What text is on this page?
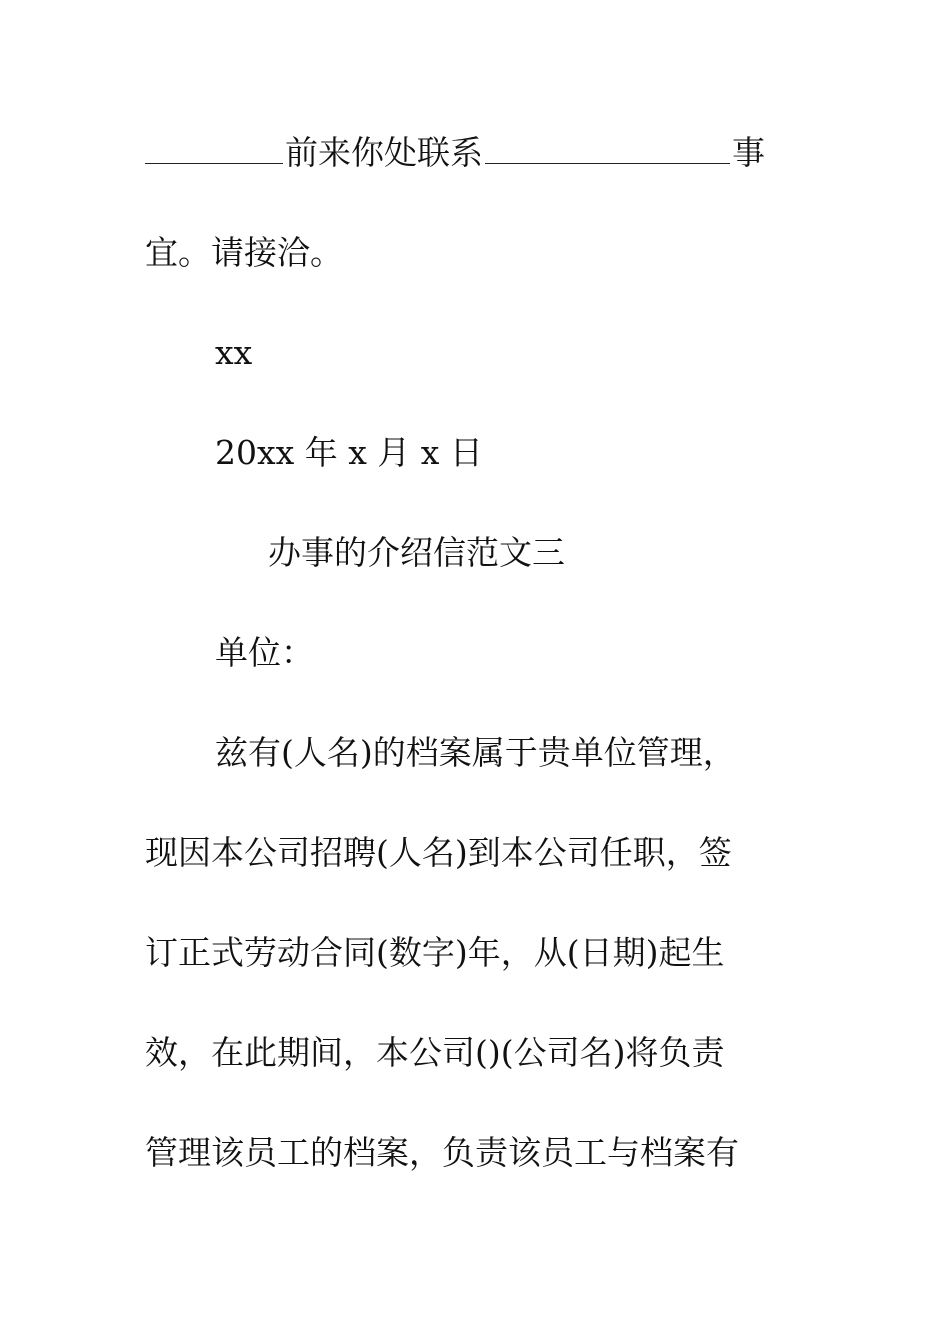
前来你处联系	事
宜。请接洽。
xx
20xx 年 x 月 x 日
办事的介绍信范文三
单位：
兹有(人名)的档案属于贵单位管理，
现因本公司招聘(人名)到本公司任职，签
订正式劳动合同(数字)年，从(日期)起生
效，在此期间，本公司()(公司名)将负责
管理该员工的档案，负责该员工与档案有
